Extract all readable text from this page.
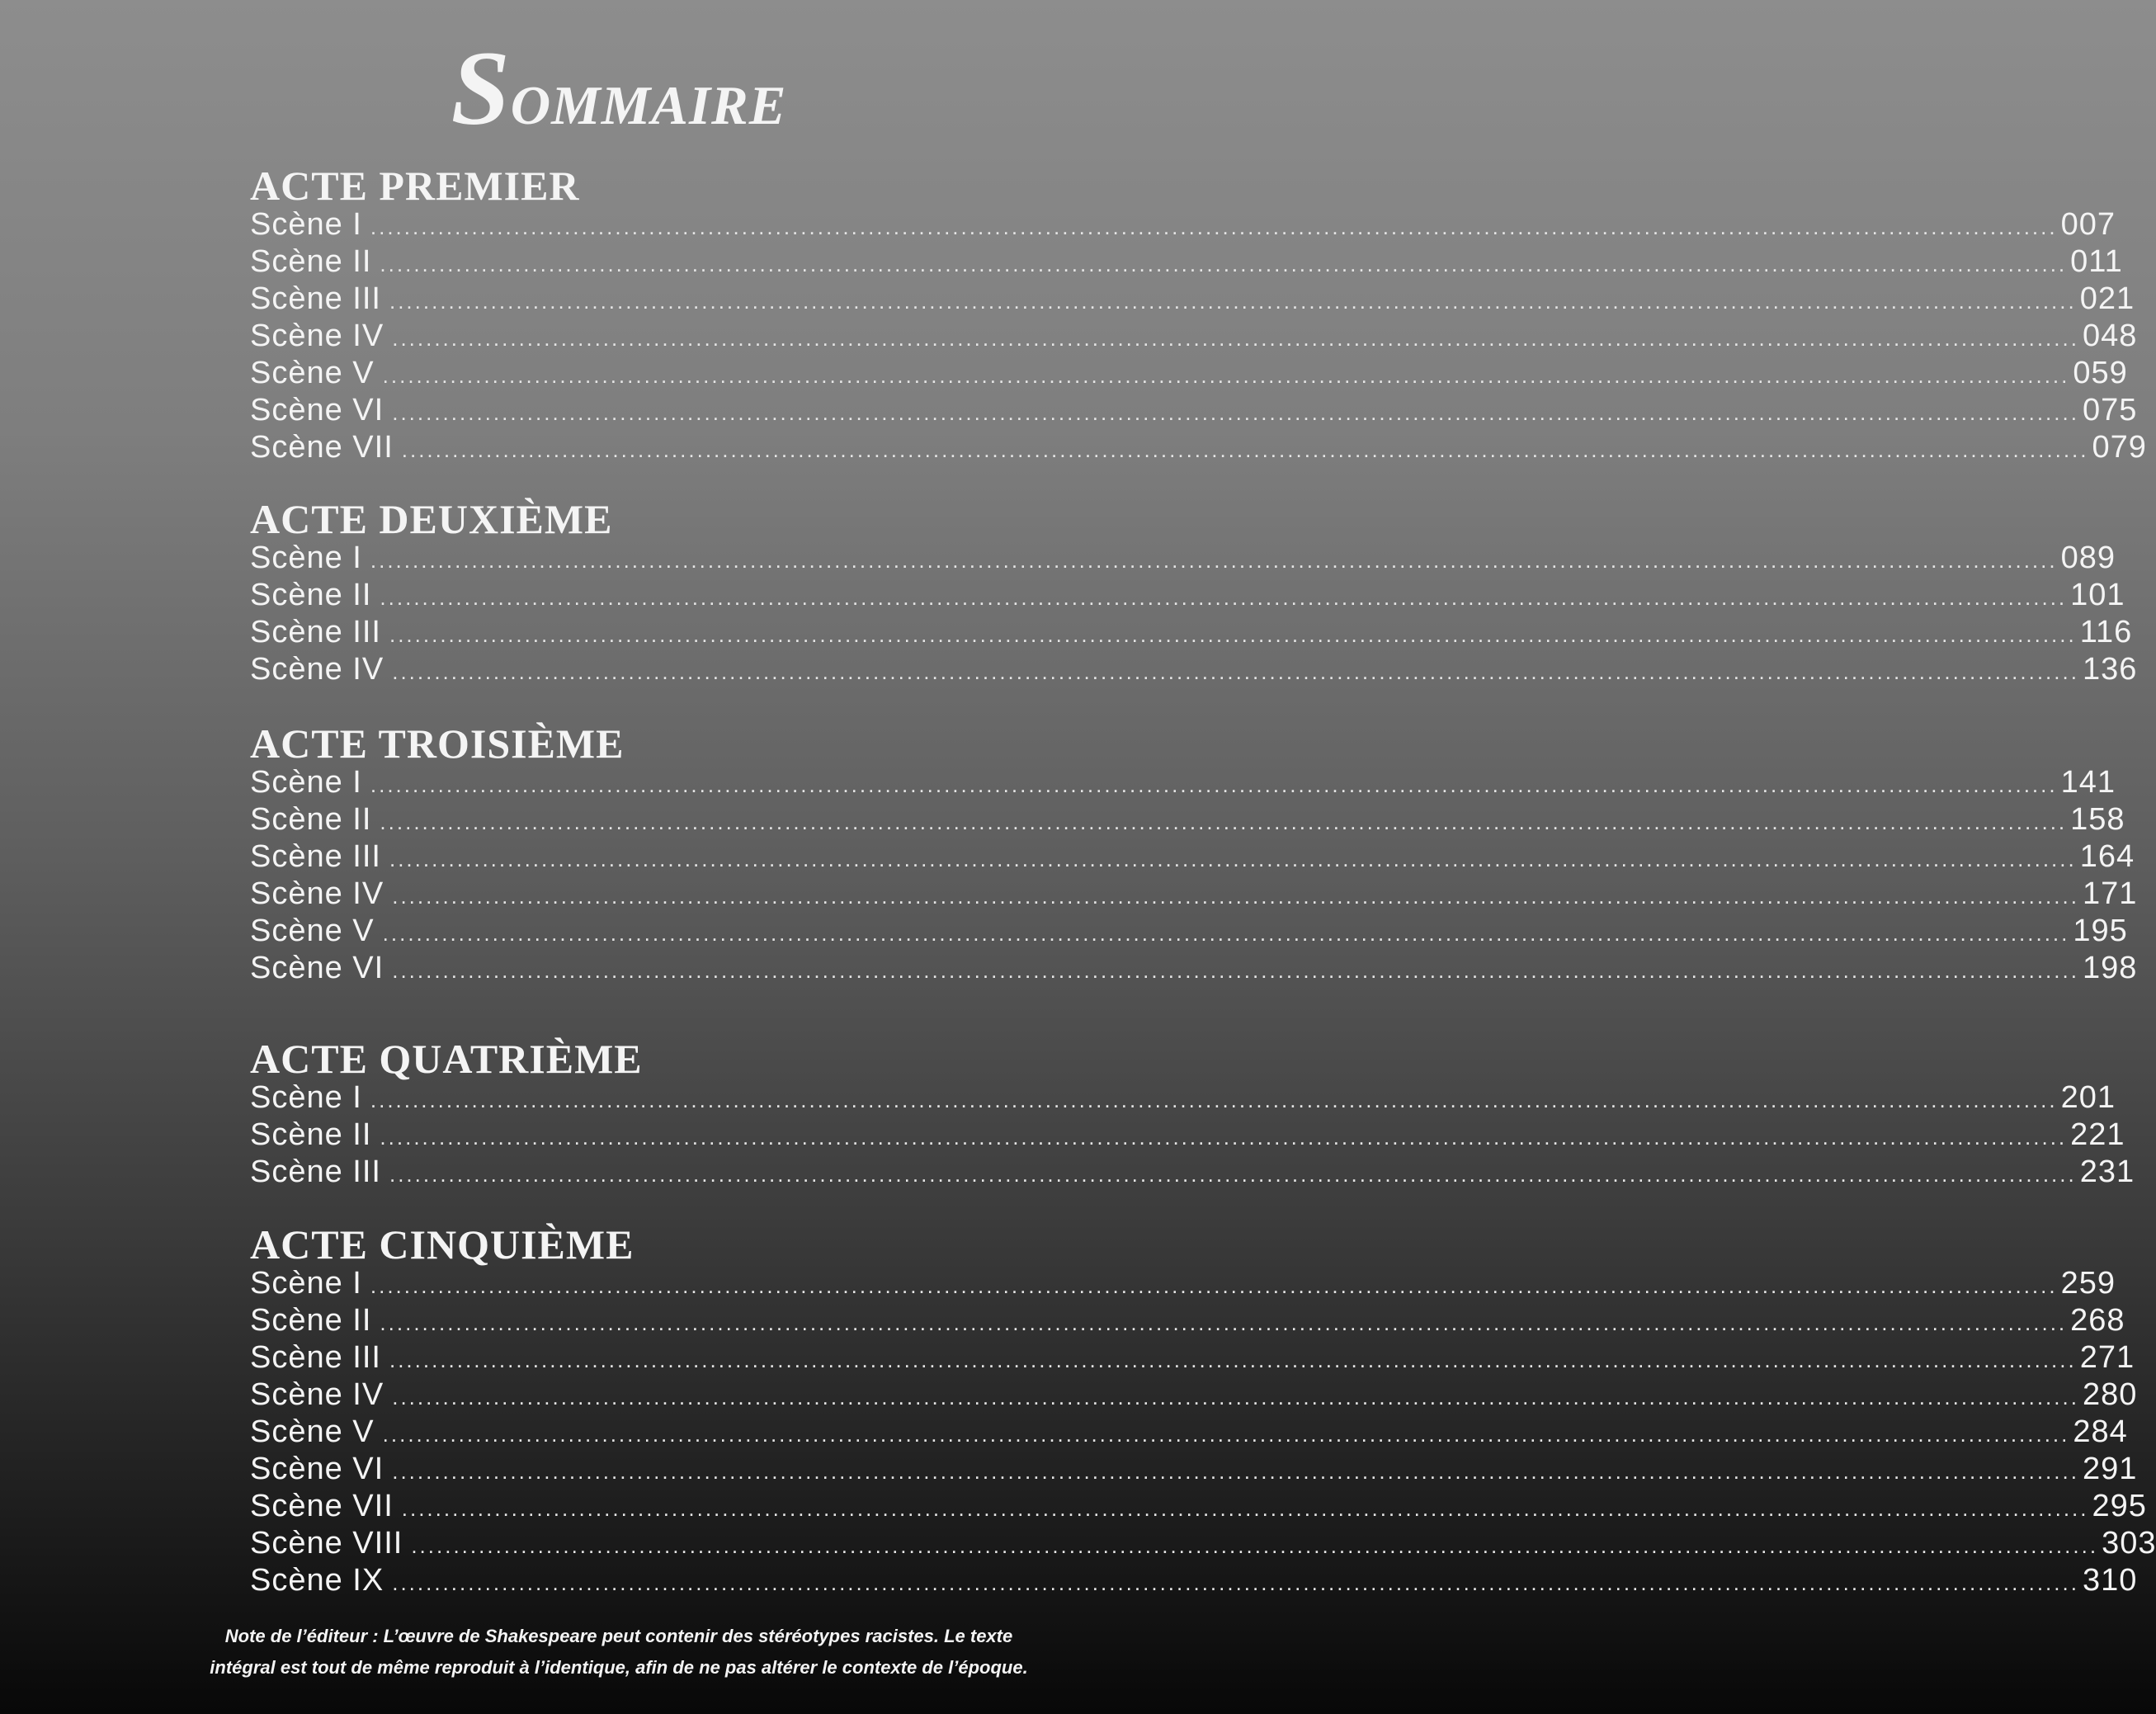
Sommaire
ACTE PREMIER
Scène I ........................................................................................................................................................................................................ 007
Scène II ........................................................................................................................................................................................................ 011
Scène III ........................................................................................................................................................................................................ 021
Scène IV ........................................................................................................................................................................................................ 048
Scène V ........................................................................................................................................................................................................ 059
Scène VI ........................................................................................................................................................................................................ 075
Scène VII ........................................................................................................................................................................................................ 079
ACTE DEUXIÈME
Scène I ........................................................................................................................................................................................................ 089
Scène II ........................................................................................................................................................................................................ 101
Scène III ........................................................................................................................................................................................................ 116
Scène IV ........................................................................................................................................................................................................ 136
ACTE TROISIÈME
Scène I ........................................................................................................................................................................................................ 141
Scène II ........................................................................................................................................................................................................ 158
Scène III ........................................................................................................................................................................................................ 164
Scène IV ........................................................................................................................................................................................................ 171
Scène V ........................................................................................................................................................................................................ 195
Scène VI ........................................................................................................................................................................................................ 198
ACTE QUATRIÈME
Scène I ........................................................................................................................................................................................................ 201
Scène II ........................................................................................................................................................................................................ 221
Scène III ........................................................................................................................................................................................................ 231
ACTE CINQUIÈME
Scène I ........................................................................................................................................................................................................ 259
Scène II ........................................................................................................................................................................................................ 268
Scène III ........................................................................................................................................................................................................ 271
Scène IV ........................................................................................................................................................................................................ 280
Scène V ........................................................................................................................................................................................................ 284
Scène VI ........................................................................................................................................................................................................ 291
Scène VII ........................................................................................................................................................................................................ 295
Scène VIII ........................................................................................................................................................................................................ 303
Scène IX ........................................................................................................................................................................................................ 310
Note de l’éditeur : L’œuvre de Shakespeare peut contenir des stéréotypes racistes. Le texte
intégral est tout de même reproduit à l’identique, afin de ne pas altérer le contexte de l’époque.
